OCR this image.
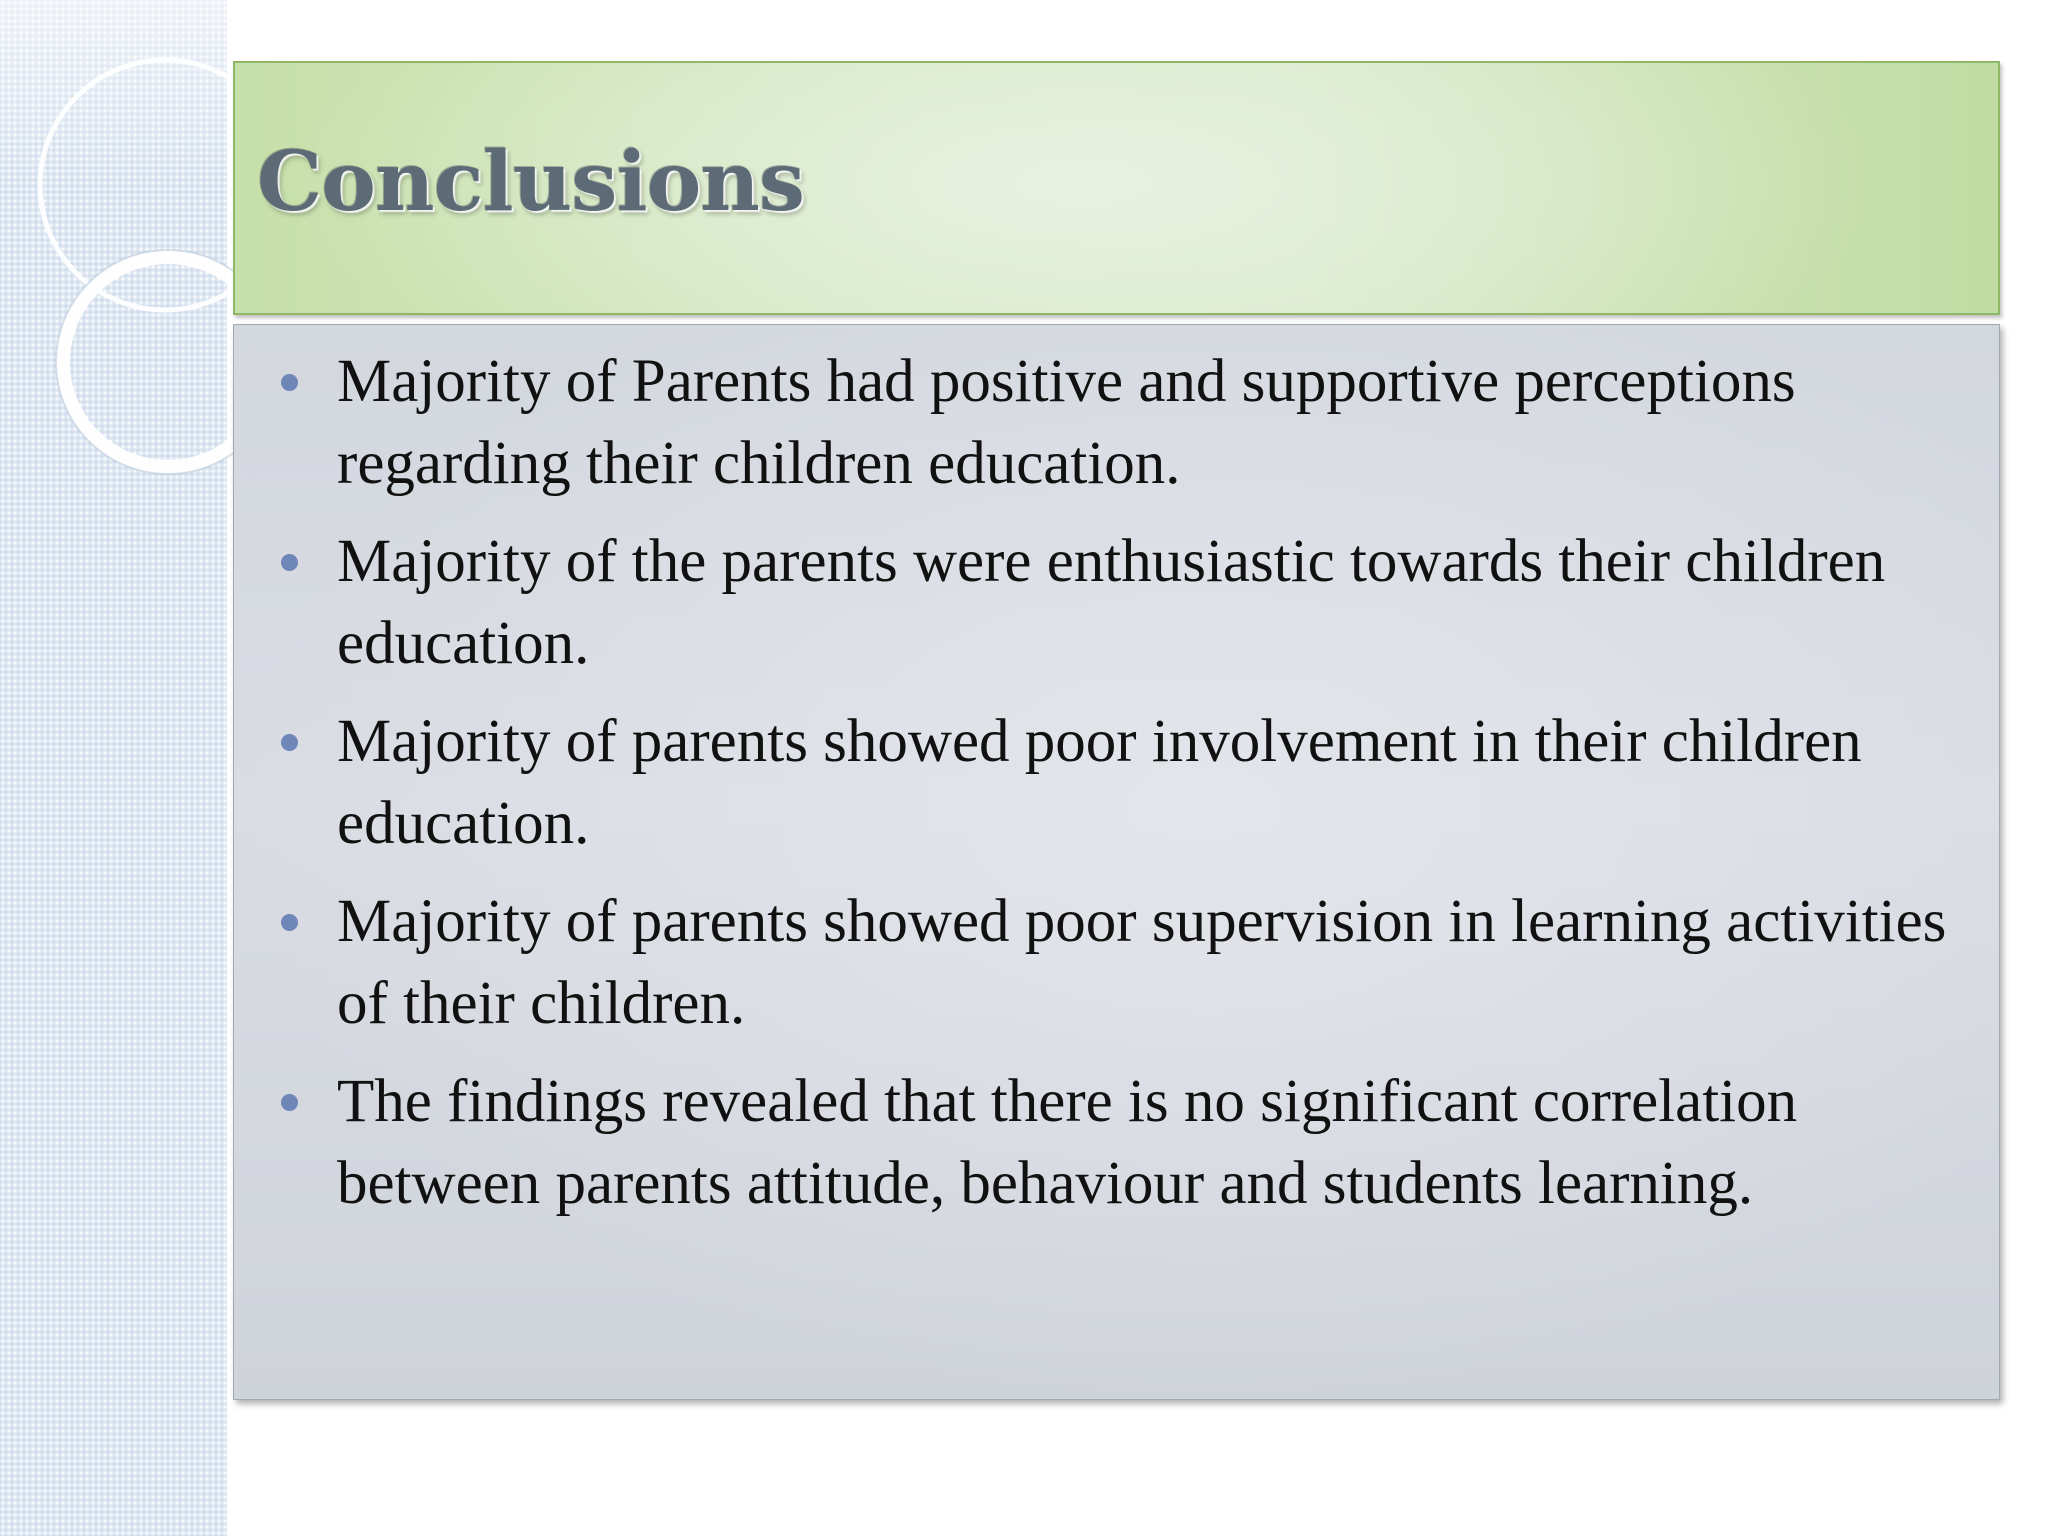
Conclusions
Majority of Parents had positive and supportive perceptions regarding their children education.
Majority of the parents were enthusiastic towards their children education.
Majority of parents showed poor involvement in their children education.
Majority of parents showed poor supervision in learning activities of their children.
The findings revealed that there is no significant correlation between parents attitude, behaviour and students learning.
